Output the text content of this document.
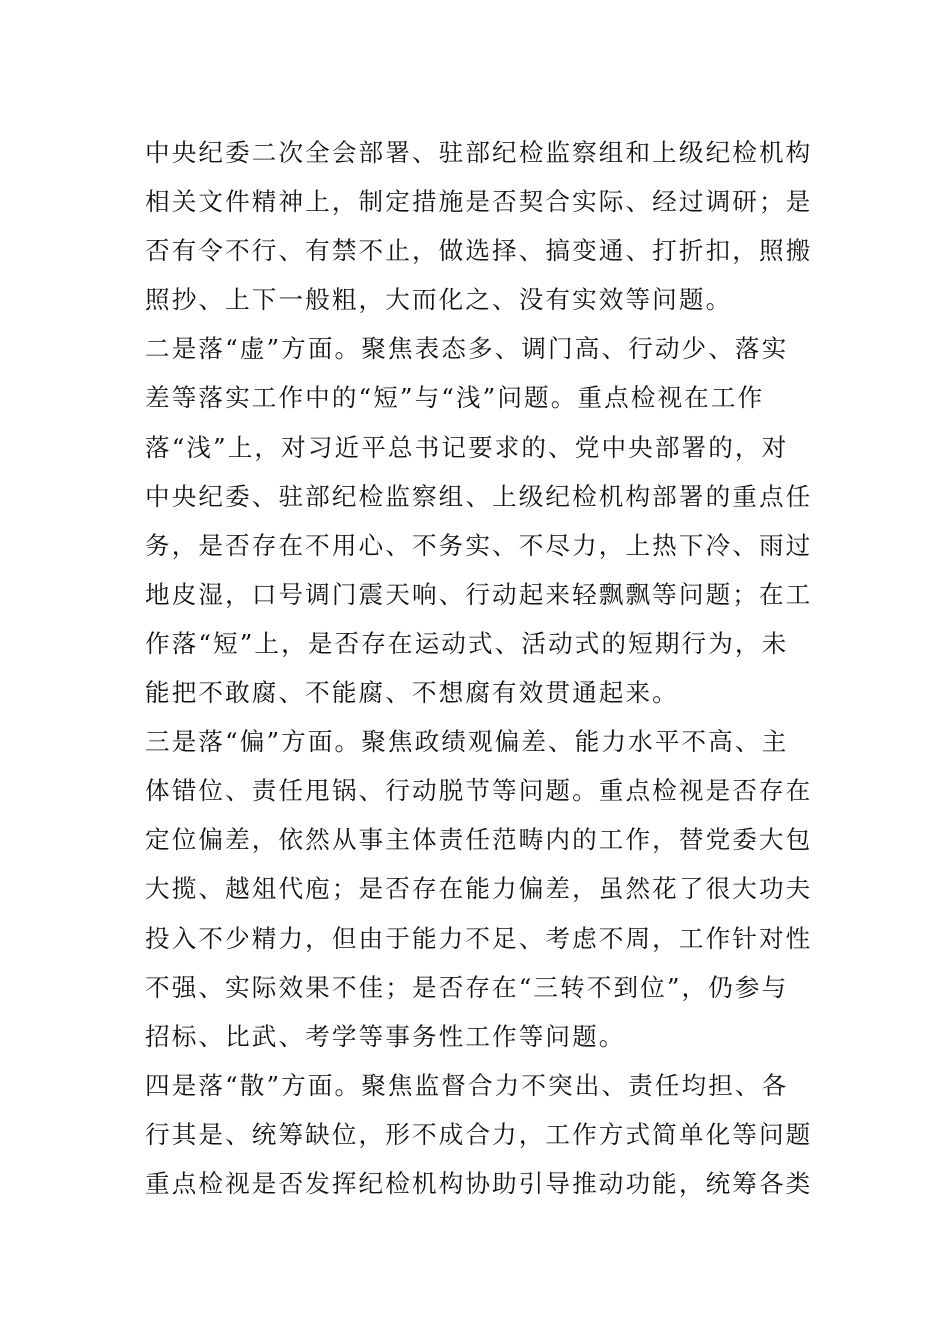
中央纪委二次全会部署、驻部纪检监察组和上级纪检机构
相关文件精神上，制定措施是否契合实际、经过调研；是
否有令不行、有禁不止，做选择、搞变通、打折扣，照搬
照抄、上下一般粗，大而化之、没有实效等问题。
二是落“虚”方面。聚焦表态多、调门高、行动少、落实
差等落实工作中的“短”与“浅”问题。重点检视在工作
落“浅”上，对习近平总书记要求的、党中央部署的，对
中央纪委、驻部纪检监察组、上级纪检机构部署的重点任
务，是否存在不用心、不务实、不尽力，上热下冷、雨过
地皮湿，口号调门震天响、行动起来轻飘飘等问题；在工
作落“短”上，是否存在运动式、活动式的短期行为，未
能把不敢腐、不能腐、不想腐有效贯通起来。
三是落“偏”方面。聚焦政绩观偏差、能力水平不高、主
体错位、责任甩锅、行动脱节等问题。重点检视是否存在
定位偏差，依然从事主体责任范畴内的工作，替党委大包
大揽、越俎代庖；是否存在能力偏差，虽然花了很大功夫
投入不少精力，但由于能力不足、考虑不周，工作针对性
不强、实际效果不佳；是否存在“三转不到位”，仍参与
招标、比武、考学等事务性工作等问题。
四是落“散”方面。聚焦监督合力不突出、责任均担、各
行其是、统筹缺位，形不成合力，工作方式简单化等问题
重点检视是否发挥纪检机构协助引导推动功能，统筹各类
